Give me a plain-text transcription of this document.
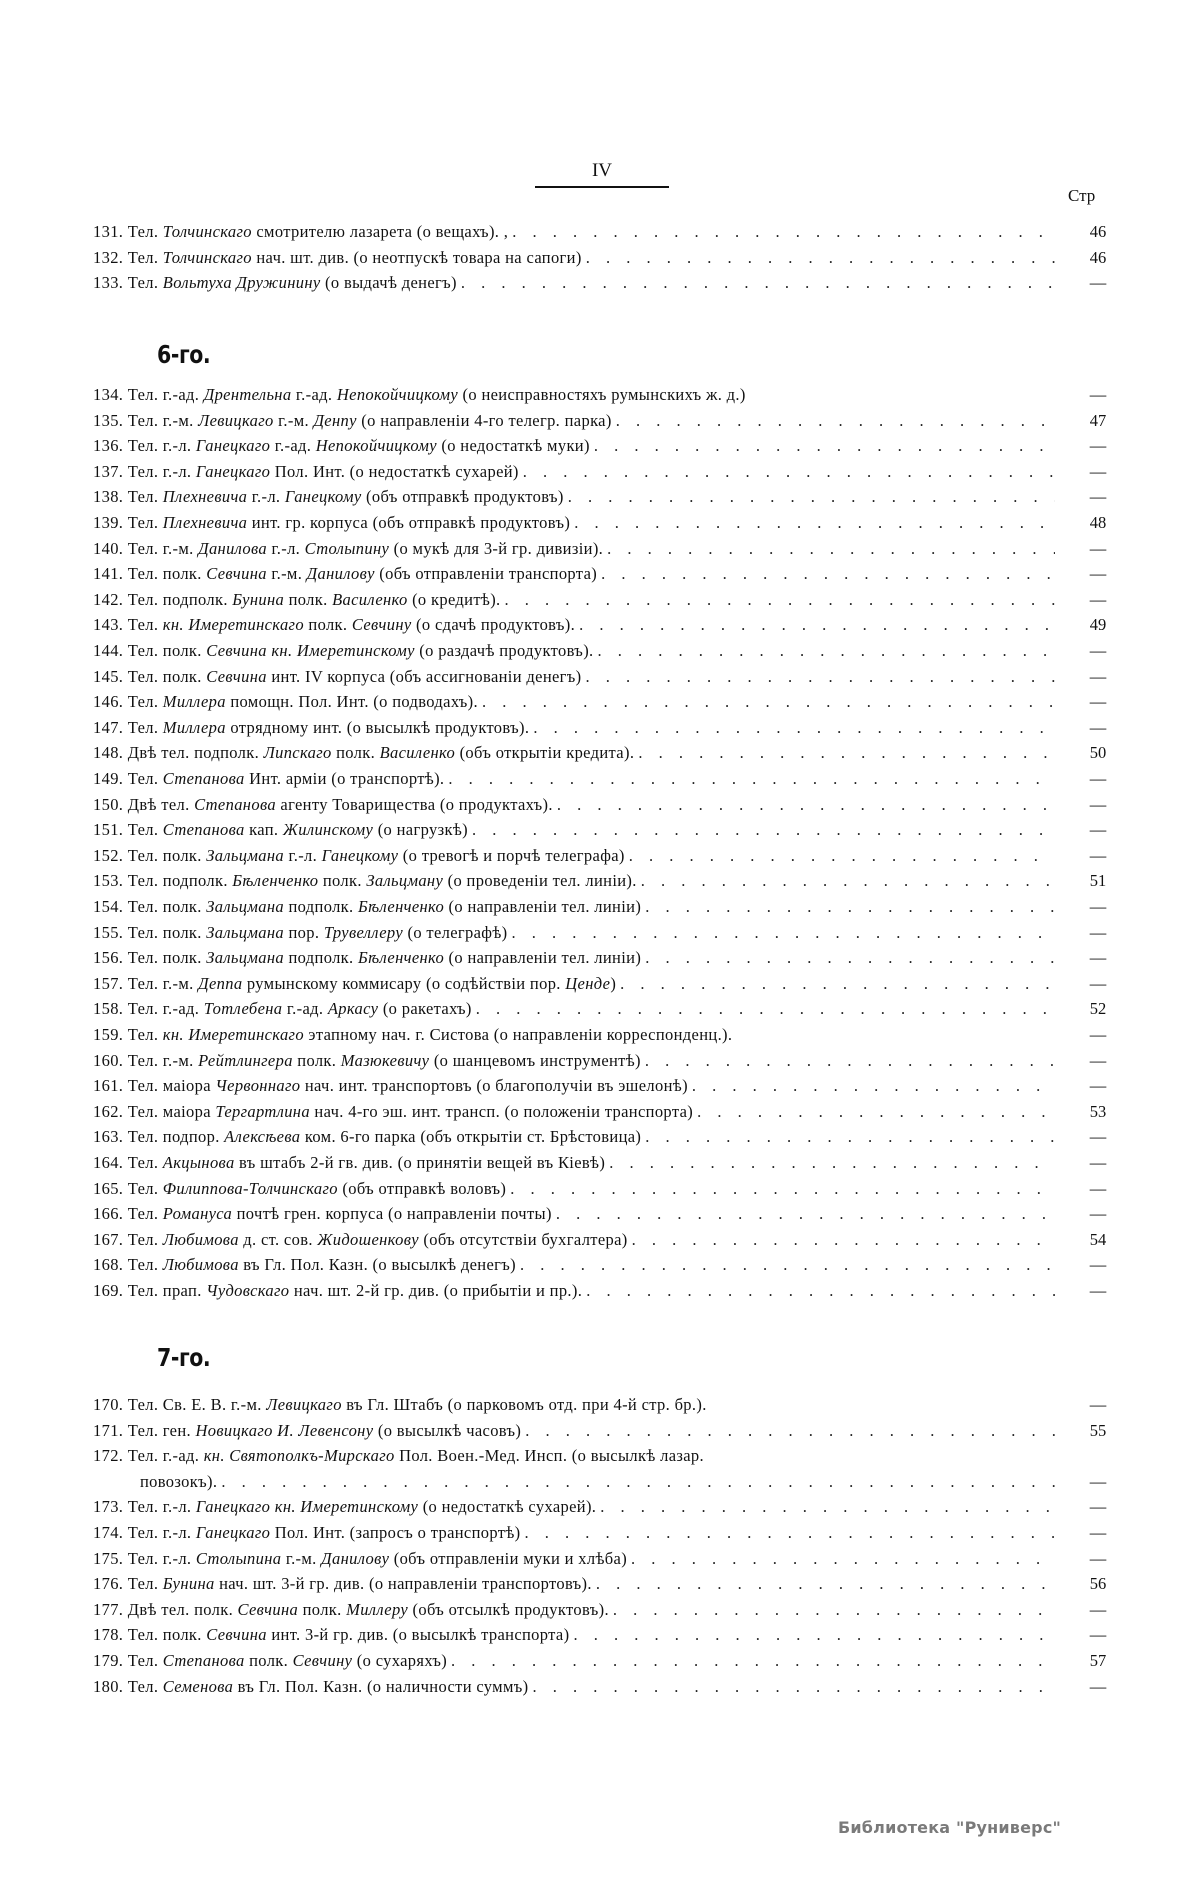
IV
Стр
131. Тел. Толчинскаго смотрителю лазарета (о вещахъ). , . . .	46
132. Тел. Толчинскаго нач. шт. див. (о неотпускѣ товара на сапоги) . . .	46
133. Тел. Вольтуха Дружинину (о выдачѣ денегъ) . . .	—
6-го.
134. Тел. г.-ад. Дрентельна г.-ад. Непокойчицкому (о неисправностяхъ румынскихъ ж. д.)	—
135. Тел. г.-м. Левицкаго г.-м. Денпу (о направленіи 4-го телегр. парка) . . .	47
136. Тел. г.-л. Ганецкаго г.-ад. Непокойчицкому (о недостаткѣ муки) . . .	—
137. Тел. г.-л. Ганецкаго Пол. Инт. (о недостаткѣ сухарей) . . .	—
138. Тел. Плехневича г.-л. Ганецкому (объ отправкѣ продуктовъ) . . .	—
139. Тел. Плехневича инт. гр. корпуса (объ отправкѣ продуктовъ) . . .	48
140. Тел. г.-м. Данилова г.-л. Столыпину (о мукѣ для 3-й гр. дивизіи). . . .	—
141. Тел. полк. Севчина г.-м. Данилову (объ отправленіи транспорта) . . .	—
142. Тел. подполк. Бунина полк. Василенко (о кредитѣ). . . .	—
143. Тел. кн. Имеретинскаго полк. Севчину (о сдачѣ продуктовъ). . . .	49
144. Тел. полк. Севчина кн. Имеретинскому (о раздачѣ продуктовъ). . . .	—
145. Тел. полк. Севчина инт. IV корпуса (объ ассигнованіи денегъ) . . .	—
146. Тел. Миллера помощн. Пол. Инт. (о подводахъ). . . .	—
147. Тел. Миллера отрядному инт. (о высылкѣ продуктовъ). . . .	—
148. Двѣ тел. подполк. Липскаго полк. Василенко (объ открытіи кредита). . . .	50
149. Тел. Степанова Инт. арміи (о транспортѣ). . . .	—
150. Двѣ тел. Степанова агенту Товарищества (о продуктахъ). . . .	—
151. Тел. Степанова кап. Жилинскому (о нагрузкѣ) . . .	—
152. Тел. полк. Зальцмана г.-л. Ганецкому (о тревогѣ и порчѣ телеграфа) . . .	—
153. Тел. подполк. Бѣленченко полк. Зальцману (о проведеніи тел. линіи). . . .	51
154. Тел. полк. Зальцмана подполк. Бѣленченко (о направленіи тел. линіи) . . .	—
155. Тел. полк. Зальцмана пор. Трувеллеру (о телеграфѣ) . . .	—
156. Тел. полк. Зальцмана подполк. Бѣленченко (о направленіи тел. линіи) . . .	—
157. Тел. г.-м. Деппа румынскому коммисару (о содѣйствіи пор. Ценде) . . .	—
158. Тел. г.-ад. Тотлебена г.-ад. Аркасу (о ракетахъ) . . .	52
159. Тел. кн. Имеретинскаго этапному нач. г. Систова (о направленіи корреспонденц.).	—
160. Тел. г.-м. Рейтлингера полк. Мазюкевичу (о шанцевомъ инструментѣ) . . .	—
161. Тел. маіора Червоннаго нач. инт. транспортовъ (о благополучіи въ эшелонѣ) . . .	—
162. Тел. маіора Тергартлина нач. 4-го эш. инт. трансп. (о положеніи транспорта) . . .	53
163. Тел. подпор. Алексѣева ком. 6-го парка (объ открытіи ст. Брѣстовица) . . .	—
164. Тел. Акцынова въ штабъ 2-й гв. див. (о принятіи вещей въ Кіевѣ) . . .	—
165. Тел. Филиппова-Толчинскаго (объ отправкѣ воловъ) . . .	—
166. Тел. Романуса почтѣ грен. корпуса (о направленіи почты) . . .	—
167. Тел. Любимова д. ст. сов. Жидошенкову (объ отсутствіи бухгалтера) . . .	54
168. Тел. Любимова въ Гл. Пол. Казн. (о высылкѣ денегъ) . . .	—
169. Тел. прап. Чудовскаго нач. шт. 2-й гр. див. (о прибытіи и пр.). . . .	—
7-го.
170. Тел. Св. Е. В. г.-м. Левицкаго въ Гл. Штабъ (о парковомъ отд. при 4-й стр. бр.).	—
171. Тел. ген. Новицкаго И. Левенсону (о высылкѣ часовъ) . . .	55
172. Тел. г.-ад. кн. Святополкъ-Мирскаго Пол. Воен.-Мед. Инсп. (о высылкѣ лазар.
повозокъ). . . .	—
173. Тел. г.-л. Ганецкаго кн. Имеретинскому (о недостаткѣ сухарей). . . .	—
174. Тел. г.-л. Ганецкаго Пол. Инт. (запросъ о транспортѣ) . . .	—
175. Тел. г.-л. Столыпина г.-м. Данилову (объ отправленіи муки и хлѣба) . . .	—
176. Тел. Бунина нач. шт. 3-й гр. див. (о направленіи транспортовъ). . . .	56
177. Двѣ тел. полк. Севчина полк. Миллеру (объ отсылкѣ продуктовъ). . . .	—
178. Тел. полк. Севчина инт. 3-й гр. див. (о высылкѣ транспорта) . . .	—
179. Тел. Степанова полк. Севчину (о сухаряхъ) . . .	57
180. Тел. Семенова въ Гл. Пол. Казн. (о наличности суммъ) . . .	—
Библиотека "Руниверс"
